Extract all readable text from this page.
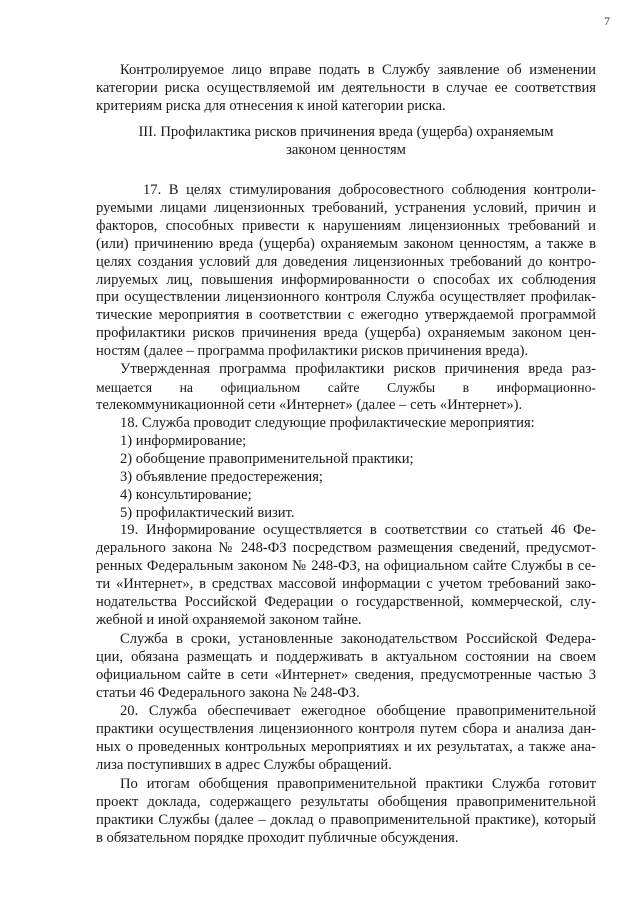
7
Контролируемое лицо вправе подать в Службу заявление об изменении
категории риска осуществляемой им деятельности в случае ее соответствия
критериям риска для отнесения к иной категории риска.
III. Профилактика рисков причинения вреда (ущерба) охраняемым
законом ценностям
17. В целях стимулирования добросовестного соблюдения контроли-
руемыми лицами лицензионных требований, устранения условий, причин и
факторов, способных привести к нарушениям лицензионных требований и
(или) причинению вреда (ущерба) охраняемым законом ценностям, а также в
целях создания условий для доведения лицензионных требований до контро-
лируемых лиц, повышения информированности о способах их соблюдения
при осуществлении лицензионного контроля Служба осуществляет профилак-
тические мероприятия в соответствии с ежегодно утверждаемой программой
профилактики рисков причинения вреда (ущерба) охраняемым законом цен-
ностям (далее – программа профилактики рисков причинения вреда).
Утвержденная программа профилактики рисков причинения вреда раз-
мещается        на        официальном        сайте        Службы        в        информационно-
телекоммуникационной сети «Интернет» (далее – сеть «Интернет»).
18. Служба проводит следующие профилактические мероприятия:
1) информирование;
2) обобщение правоприменительной практики;
3) объявление предостережения;
4) консультирование;
5) профилактический визит.
19. Информирование осуществляется в соответствии со статьей 46 Фе-
дерального закона № 248-ФЗ посредством размещения сведений, предусмот-
ренных Федеральным законом № 248-ФЗ, на официальном сайте Службы в се-
ти «Интернет», в средствах массовой информации с учетом требований зако-
нодательства Российской Федерации о государственной, коммерческой, слу-
жебной и иной охраняемой законом тайне.
Служба в сроки, установленные законодательством Российской Федера-
ции, обязана размещать и поддерживать в актуальном состоянии на своем
официальном сайте в сети «Интернет» сведения, предусмотренные частью 3
статьи 46 Федерального закона № 248-ФЗ.
20. Служба обеспечивает ежегодное обобщение правоприменительной
практики осуществления лицензионного контроля путем сбора и анализа дан-
ных о проведенных контрольных мероприятиях и их результатах, а также ана-
лиза поступивших в адрес Службы обращений.
По итогам обобщения правоприменительной практики Служба готовит
проект доклада, содержащего результаты обобщения правоприменительной
практики Службы (далее – доклад о правоприменительной практике), который
в обязательном порядке проходит публичные обсуждения.
